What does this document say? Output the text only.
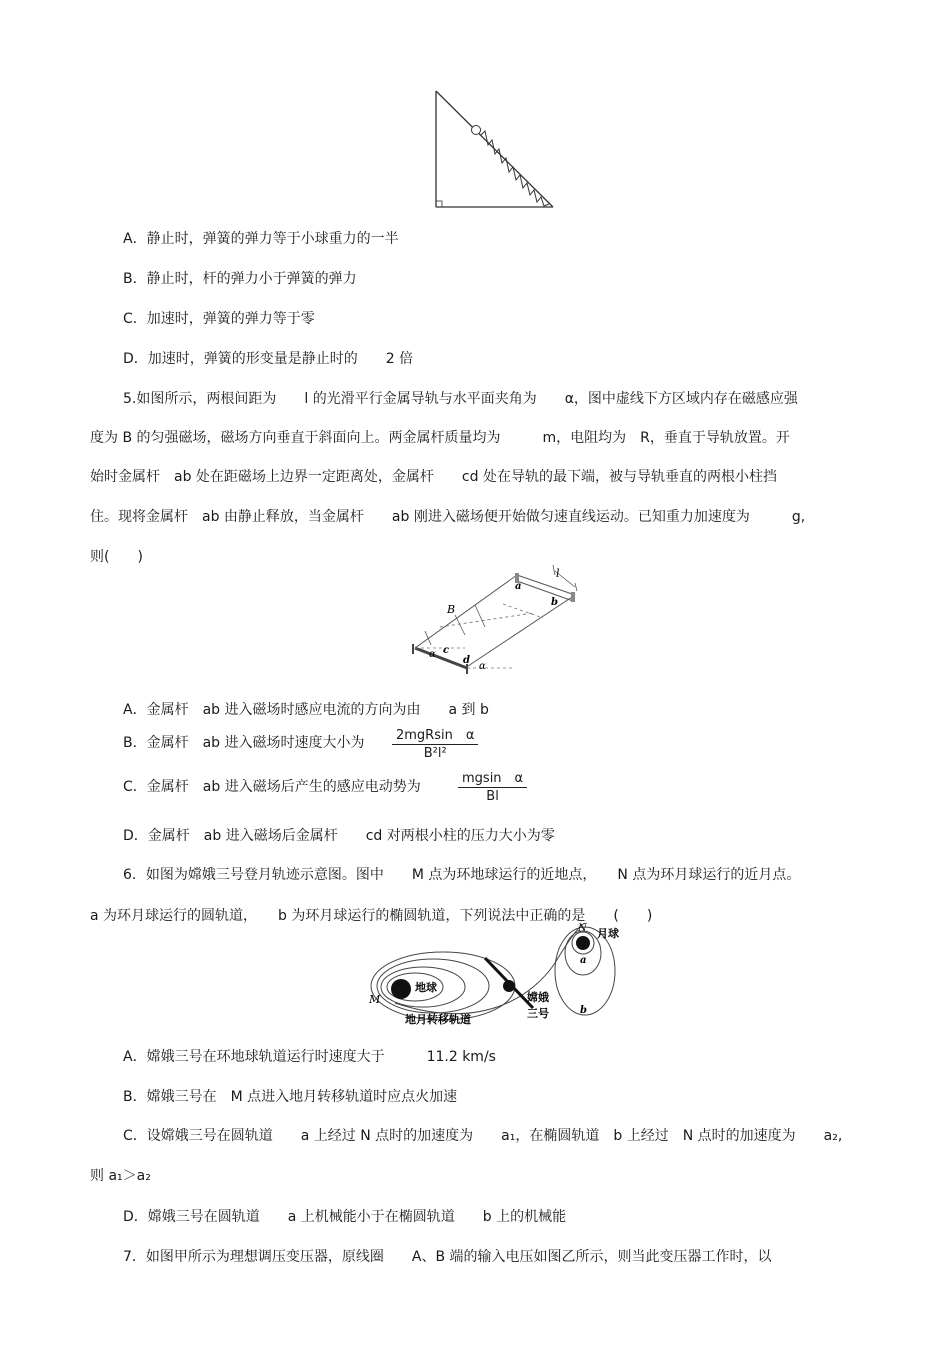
A．静止时，弹簧的弹力等于小球重力的一半
B．静止时，杆的弹力小于弹簧的弹力
C．加速时，弹簧的弹力等于零
D．加速时，弹簧的形变量是静止时的　　2 倍
5.如图所示，两根间距为　　l 的光滑平行金属导轨与水平面夹角为　　α，图中虚线下方区域内存在磁感应强
度为 B 的匀强磁场，磁场方向垂直于斜面向上。两金属杆质量均为　　　m，电阻均为　R，垂直于导轨放置。开
始时金属杆　ab 处在距磁场上边界一定距离处，金属杆　　cd 处在导轨的最下端，被与导轨垂直的两根小柱挡
住。现将金属杆　ab 由静止释放，当金属杆　　ab 刚进入磁场便开始做匀速直线运动。已知重力加速度为　　　g,
则(　　)
l
a
b
B
α c
d
α
A．金属杆　ab 进入磁场时感应电流的方向为由　　a 到 b
B．金属杆　ab 进入磁场时速度大小为	2mgRsin　α
B²l²
C．金属杆　ab 进入磁场后产生的感应电动势为	$\frac{\text{mgsin　α}}{Bl}$
D．金属杆　ab 进入磁场后金属杆　　cd 对两根小柱的压力大小为零
6．如图为嫦娥三号登月轨迹示意图。图中　　M 点为环地球运行的近地点，　　N 点为环月球运行的近月点。
a 为环月球运行的圆轨道，　　b 为环月球运行的椭圆轨道，下列说法中正确的是　　(　　)
地球
M
地月转移轨道
嫦娥
三号
N 月球
a
b
A．嫦娥三号在环地球轨道运行时速度大于　　　11.2 km/s
B．嫦娥三号在　M 点进入地月转移轨道时应点火加速
C．设嫦娥三号在圆轨道　　a 上经过 N 点时的加速度为　　a₁，在椭圆轨道　b 上经过　N 点时的加速度为　　a₂,
则 a₁＞a₂
D．嫦娥三号在圆轨道　　a 上机械能小于在椭圆轨道　　b 上的机械能
7．如图甲所示为理想调压变压器，原线圈　　A、B 端的输入电压如图乙所示，则当此变压器工作时，以
